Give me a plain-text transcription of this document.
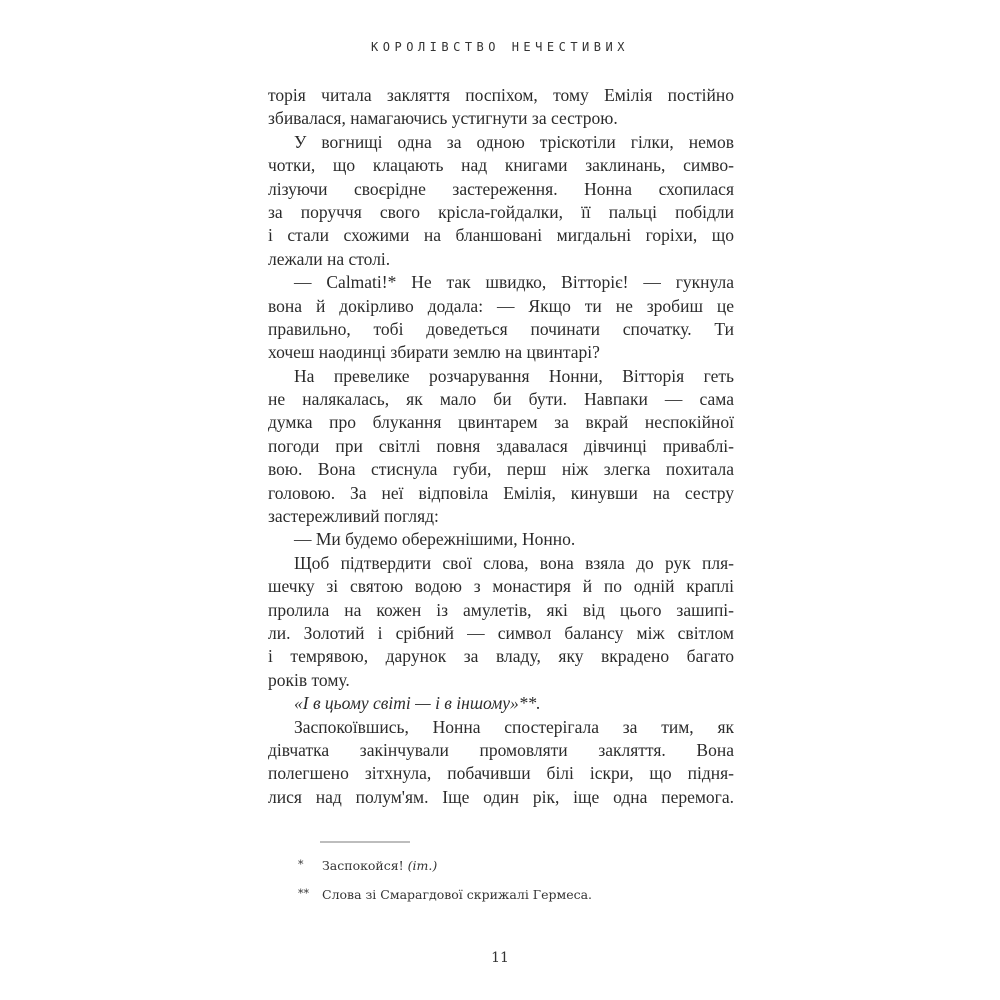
КОРОЛІВСТВО НЕЧЕСТИВИХ
торія читала закляття поспіхом, тому Емілія постійно
збивалася, намагаючись устигнути за сестрою.
У вогнищі одна за одною тріскотіли гілки, немов
чотки, що клацають над книгами заклинань, симво-
лізуючи своєрідне застереження. Нонна схопилася
за поруччя свого крісла-гойдалки, її пальці побідли
і стали схожими на бланшовані мигдальні горіхи, що
лежали на столі.
— Calmati!* Не так швидко, Вітторіє! — гукнула
вона й докірливо додала: — Якщо ти не зробиш це
правильно, тобі доведеться починати спочатку. Ти
хочеш наодинці збирати землю на цвинтарі?
На превелике розчарування Нонни, Вітторія геть
не налякалась, як мало би бути. Навпаки — сама
думка про блукання цвинтарем за вкрай неспокійної
погоди при світлі повня здавалася дівчинці приваблі-
вою. Вона стиснула губи, перш ніж злегка похитала
головою. За неї відповіла Емілія, кинувши на сестру
застережливий погляд:
— Ми будемо обережнішими, Нонно.
Щоб підтвердити свої слова, вона взяла до рук пля-
шечку зі святою водою з монастиря й по одній краплі
пролила на кожен із амулетів, які від цього зашипі-
ли. Золотий і срібний — символ балансу між світлом
і темрявою, дарунок за владу, яку вкрадено багато
років тому.
«І в цьому світі — і в іншому»**.
Заспокоївшись, Нонна спостерігала за тим, як
дівчатка закінчували промовляти закляття. Вона
полегшено зітхнула, побачивши білі іскри, що підня-
лися над полум'ям. Іще один рік, іще одна перемога.
* Заспокойся! (іт.)
** Слова зі Смарагдової скрижалі Гермеса.
11
